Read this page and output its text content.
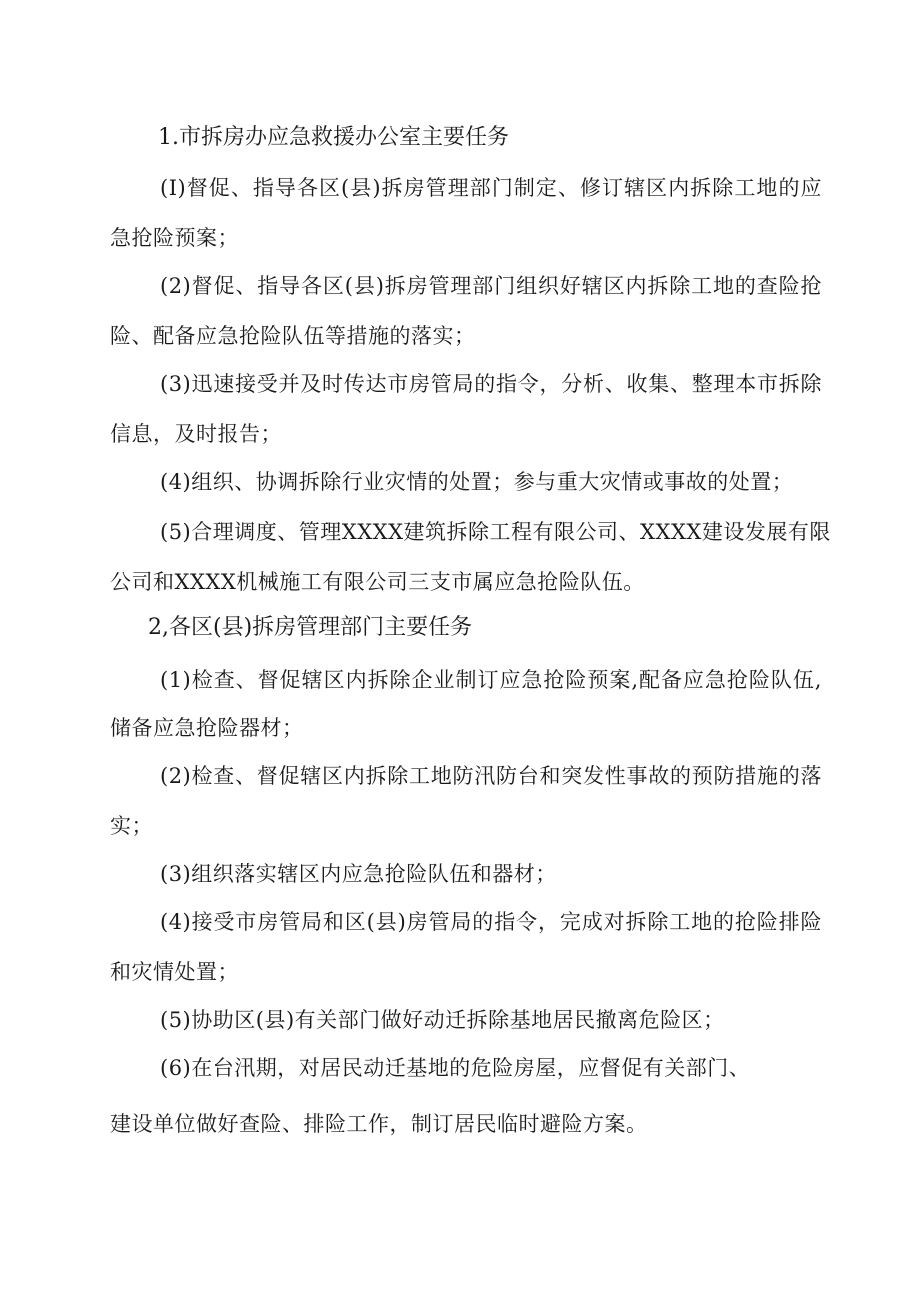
1.市拆房办应急救援办公室主要任务
(I)督促、指导各区(县)拆房管理部门制定、修订辖区内拆除工地的应
急抢险预案；
(2)督促、指导各区(县)拆房管理部门组织好辖区内拆除工地的查险抢
险、配备应急抢险队伍等措施的落实；
(3)迅速接受并及时传达市房管局的指令，分析、收集、整理本市拆除
信息，及时报告；
(4)组织、协调拆除行业灾情的处置；参与重大灾情或事故的处置；
(5)合理调度、管理XXXX建筑拆除工程有限公司、XXXX建设发展有限
公司和XXXX机械施工有限公司三支市属应急抢险队伍。
2,各区(县)拆房管理部门主要任务
(1)检查、督促辖区内拆除企业制订应急抢险预案,配备应急抢险队伍,
储备应急抢险器材；
(2)检查、督促辖区内拆除工地防汛防台和突发性事故的预防措施的落
实；
(3)组织落实辖区内应急抢险队伍和器材；
(4)接受市房管局和区(县)房管局的指令，完成对拆除工地的抢险排险
和灾情处置；
(5)协助区(县)有关部门做好动迁拆除基地居民撤离危险区；
(6)在台汛期，对居民动迁基地的危险房屋，应督促有关部门、
建设单位做好查险、排险工作，制订居民临时避险方案。
